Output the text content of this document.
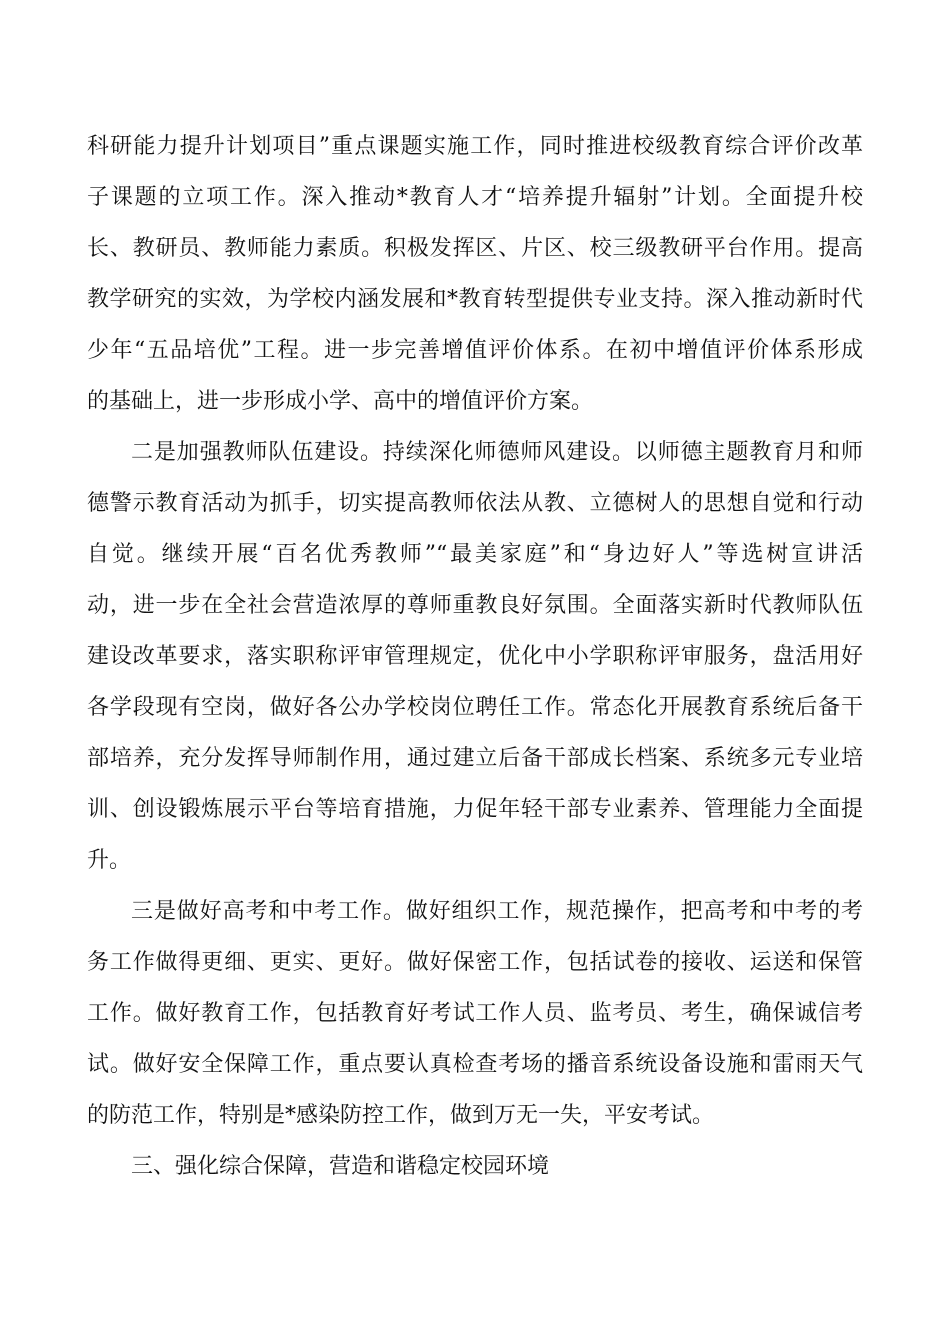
科研能力提升计划项目”重点课题实施工作，同时推进校级教育综合评价改革
子课题的立项工作。深入推动*教育人才“培养提升辐射”计划。全面提升校
长、教研员、教师能力素质。积极发挥区、片区、校三级教研平台作用。提高
教学研究的实效，为学校内涵发展和*教育转型提供专业支持。深入推动新时代
少年“五品培优”工程。进一步完善增值评价体系。在初中增值评价体系形成
的基础上，进一步形成小学、高中的增值评价方案。
二是加强教师队伍建设。持续深化师德师风建设。以师德主题教育月和师
德警示教育活动为抓手，切实提高教师依法从教、立德树人的思想自觉和行动
自觉。继续开展“百名优秀教师”“最美家庭”和“身边好人”等选树宣讲活
动，进一步在全社会营造浓厚的尊师重教良好氛围。全面落实新时代教师队伍
建设改革要求，落实职称评审管理规定，优化中小学职称评审服务，盘活用好
各学段现有空岗，做好各公办学校岗位聘任工作。常态化开展教育系统后备干
部培养，充分发挥导师制作用，通过建立后备干部成长档案、系统多元专业培
训、创设锻炼展示平台等培育措施，力促年轻干部专业素养、管理能力全面提
升。
三是做好高考和中考工作。做好组织工作，规范操作，把高考和中考的考
务工作做得更细、更实、更好。做好保密工作，包括试卷的接收、运送和保管
工作。做好教育工作，包括教育好考试工作人员、监考员、考生，确保诚信考
试。做好安全保障工作，重点要认真检查考场的播音系统设备设施和雷雨天气
的防范工作，特别是*感染防控工作，做到万无一失，平安考试。
三、强化综合保障，营造和谐稳定校园环境
